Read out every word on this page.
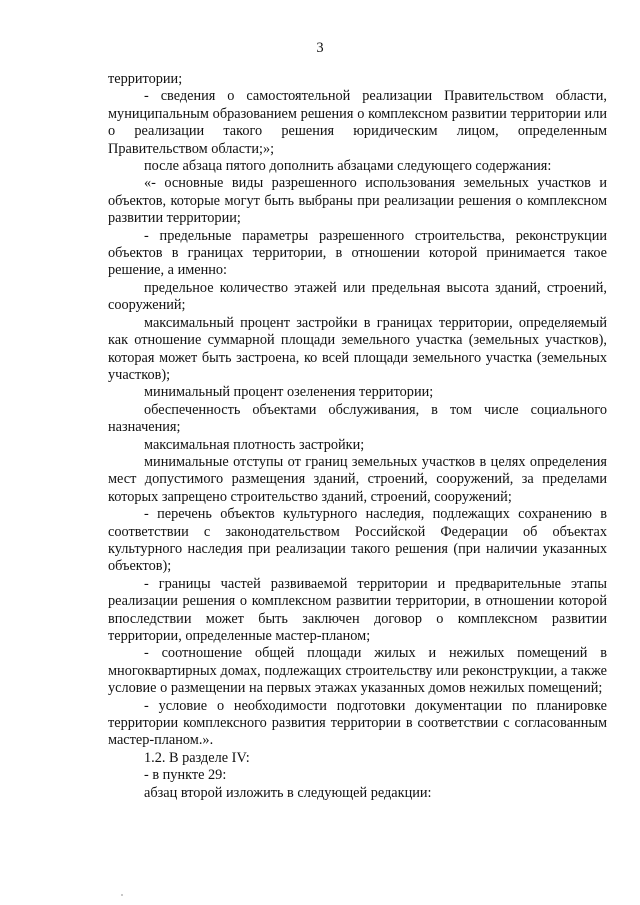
3

территории;

- сведения о самостоятельной реализации Правительством области, муниципальным образованием решения о комплексном развитии территории или о реализации такого решения юридическим лицом, определенным Правительством области;»;

после абзаца пятого дополнить абзацами следующего содержания:

«- основные виды разрешенного использования земельных участков и объектов, которые могут быть выбраны при реализации решения о комплексном развитии территории;

- предельные параметры разрешенного строительства, реконструкции объектов в границах территории, в отношении которой принимается такое решение, а именно:

предельное количество этажей или предельная высота зданий, строений, сооружений;

максимальный процент застройки в границах территории, определяемый как отношение суммарной площади земельного участка (земельных участков), которая может быть застроена, ко всей площади земельного участка (земельных участков);

минимальный процент озеленения территории;

обеспеченность объектами обслуживания, в том числе социального назначения;

максимальная плотность застройки;

минимальные отступы от границ земельных участков в целях определения мест допустимого размещения зданий, строений, сооружений, за пределами которых запрещено строительство зданий, строений, сооружений;

- перечень объектов культурного наследия, подлежащих сохранению в соответствии с законодательством Российской Федерации об объектах культурного наследия при реализации такого решения (при наличии указанных объектов);

- границы частей развиваемой территории и предварительные этапы реализации решения о комплексном развитии территории, в отношении которой впоследствии может быть заключен договор о комплексном развитии территории, определенные мастер-планом;

- соотношение общей площади жилых и нежилых помещений в многоквартирных домах, подлежащих строительству или реконструкции, а также условие о размещении на первых этажах указанных домов нежилых помещений;

- условие о необходимости подготовки документации по планировке территории комплексного развития территории в соответствии с согласованным мастер-планом.».

1.2. В разделе IV:

- в пункте 29:

абзац второй изложить в следующей редакции:
